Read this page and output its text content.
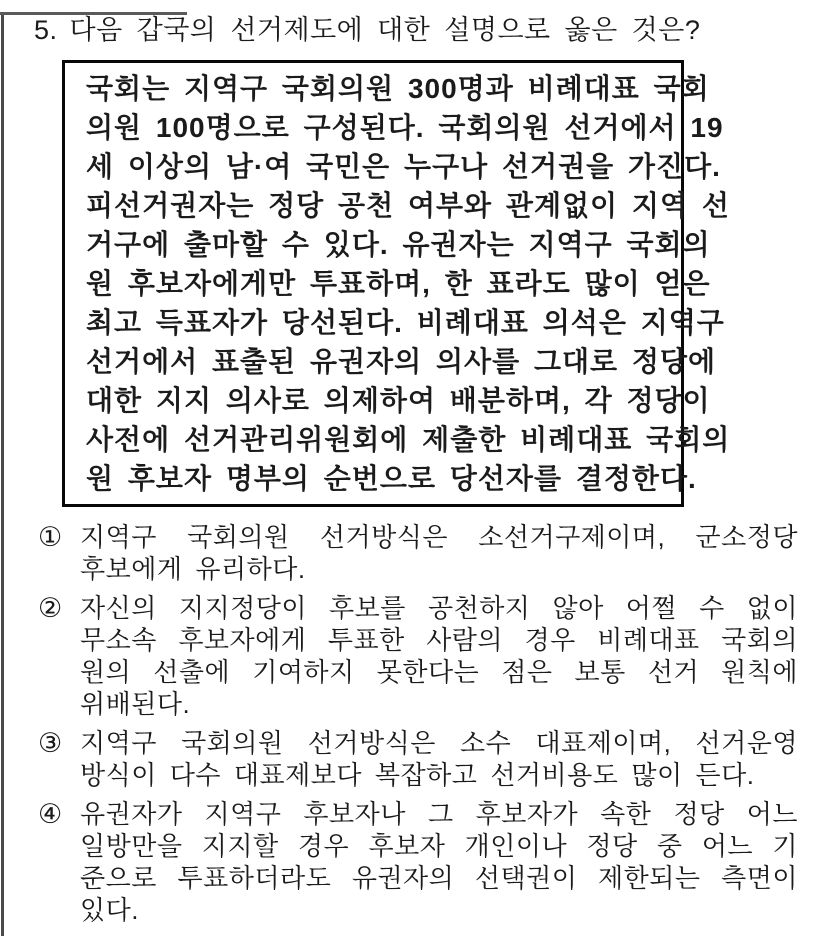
5. 다음 갑국의 선거제도에 대한 설명으로 옳은 것은?
국회는 지역구 국회의원 300명과 비례대표 국회
의원 100명으로 구성된다. 국회의원 선거에서 19
세 이상의 남·여 국민은 누구나 선거권을 가진다.
피선거권자는 정당 공천 여부와 관계없이 지역 선
거구에 출마할 수 있다. 유권자는 지역구 국회의
원 후보자에게만 투표하며, 한 표라도 많이 얻은
최고 득표자가 당선된다. 비례대표 의석은 지역구
선거에서 표출된 유권자의 의사를 그대로 정당에
대한 지지 의사로 의제하여 배분하며, 각 정당이
사전에 선거관리위원회에 제출한 비례대표 국회의
원 후보자 명부의 순번으로 당선자를 결정한다.
① 지역구 국회의원 선거방식은 소선거구제이며, 군소정당
후보에게 유리하다.
② 자신의 지지정당이 후보를 공천하지 않아 어쩔 수 없이
무소속 후보자에게 투표한 사람의 경우 비례대표 국회의
원의 선출에 기여하지 못한다는 점은 보통 선거 원칙에
위배된다.
③ 지역구 국회의원 선거방식은 소수 대표제이며, 선거운영
방식이 다수 대표제보다 복잡하고 선거비용도 많이 든다.
④ 유권자가 지역구 후보자나 그 후보자가 속한 정당 어느
일방만을 지지할 경우 후보자 개인이나 정당 중 어느 기
준으로 투표하더라도 유권자의 선택권이 제한되는 측면이
있다.
